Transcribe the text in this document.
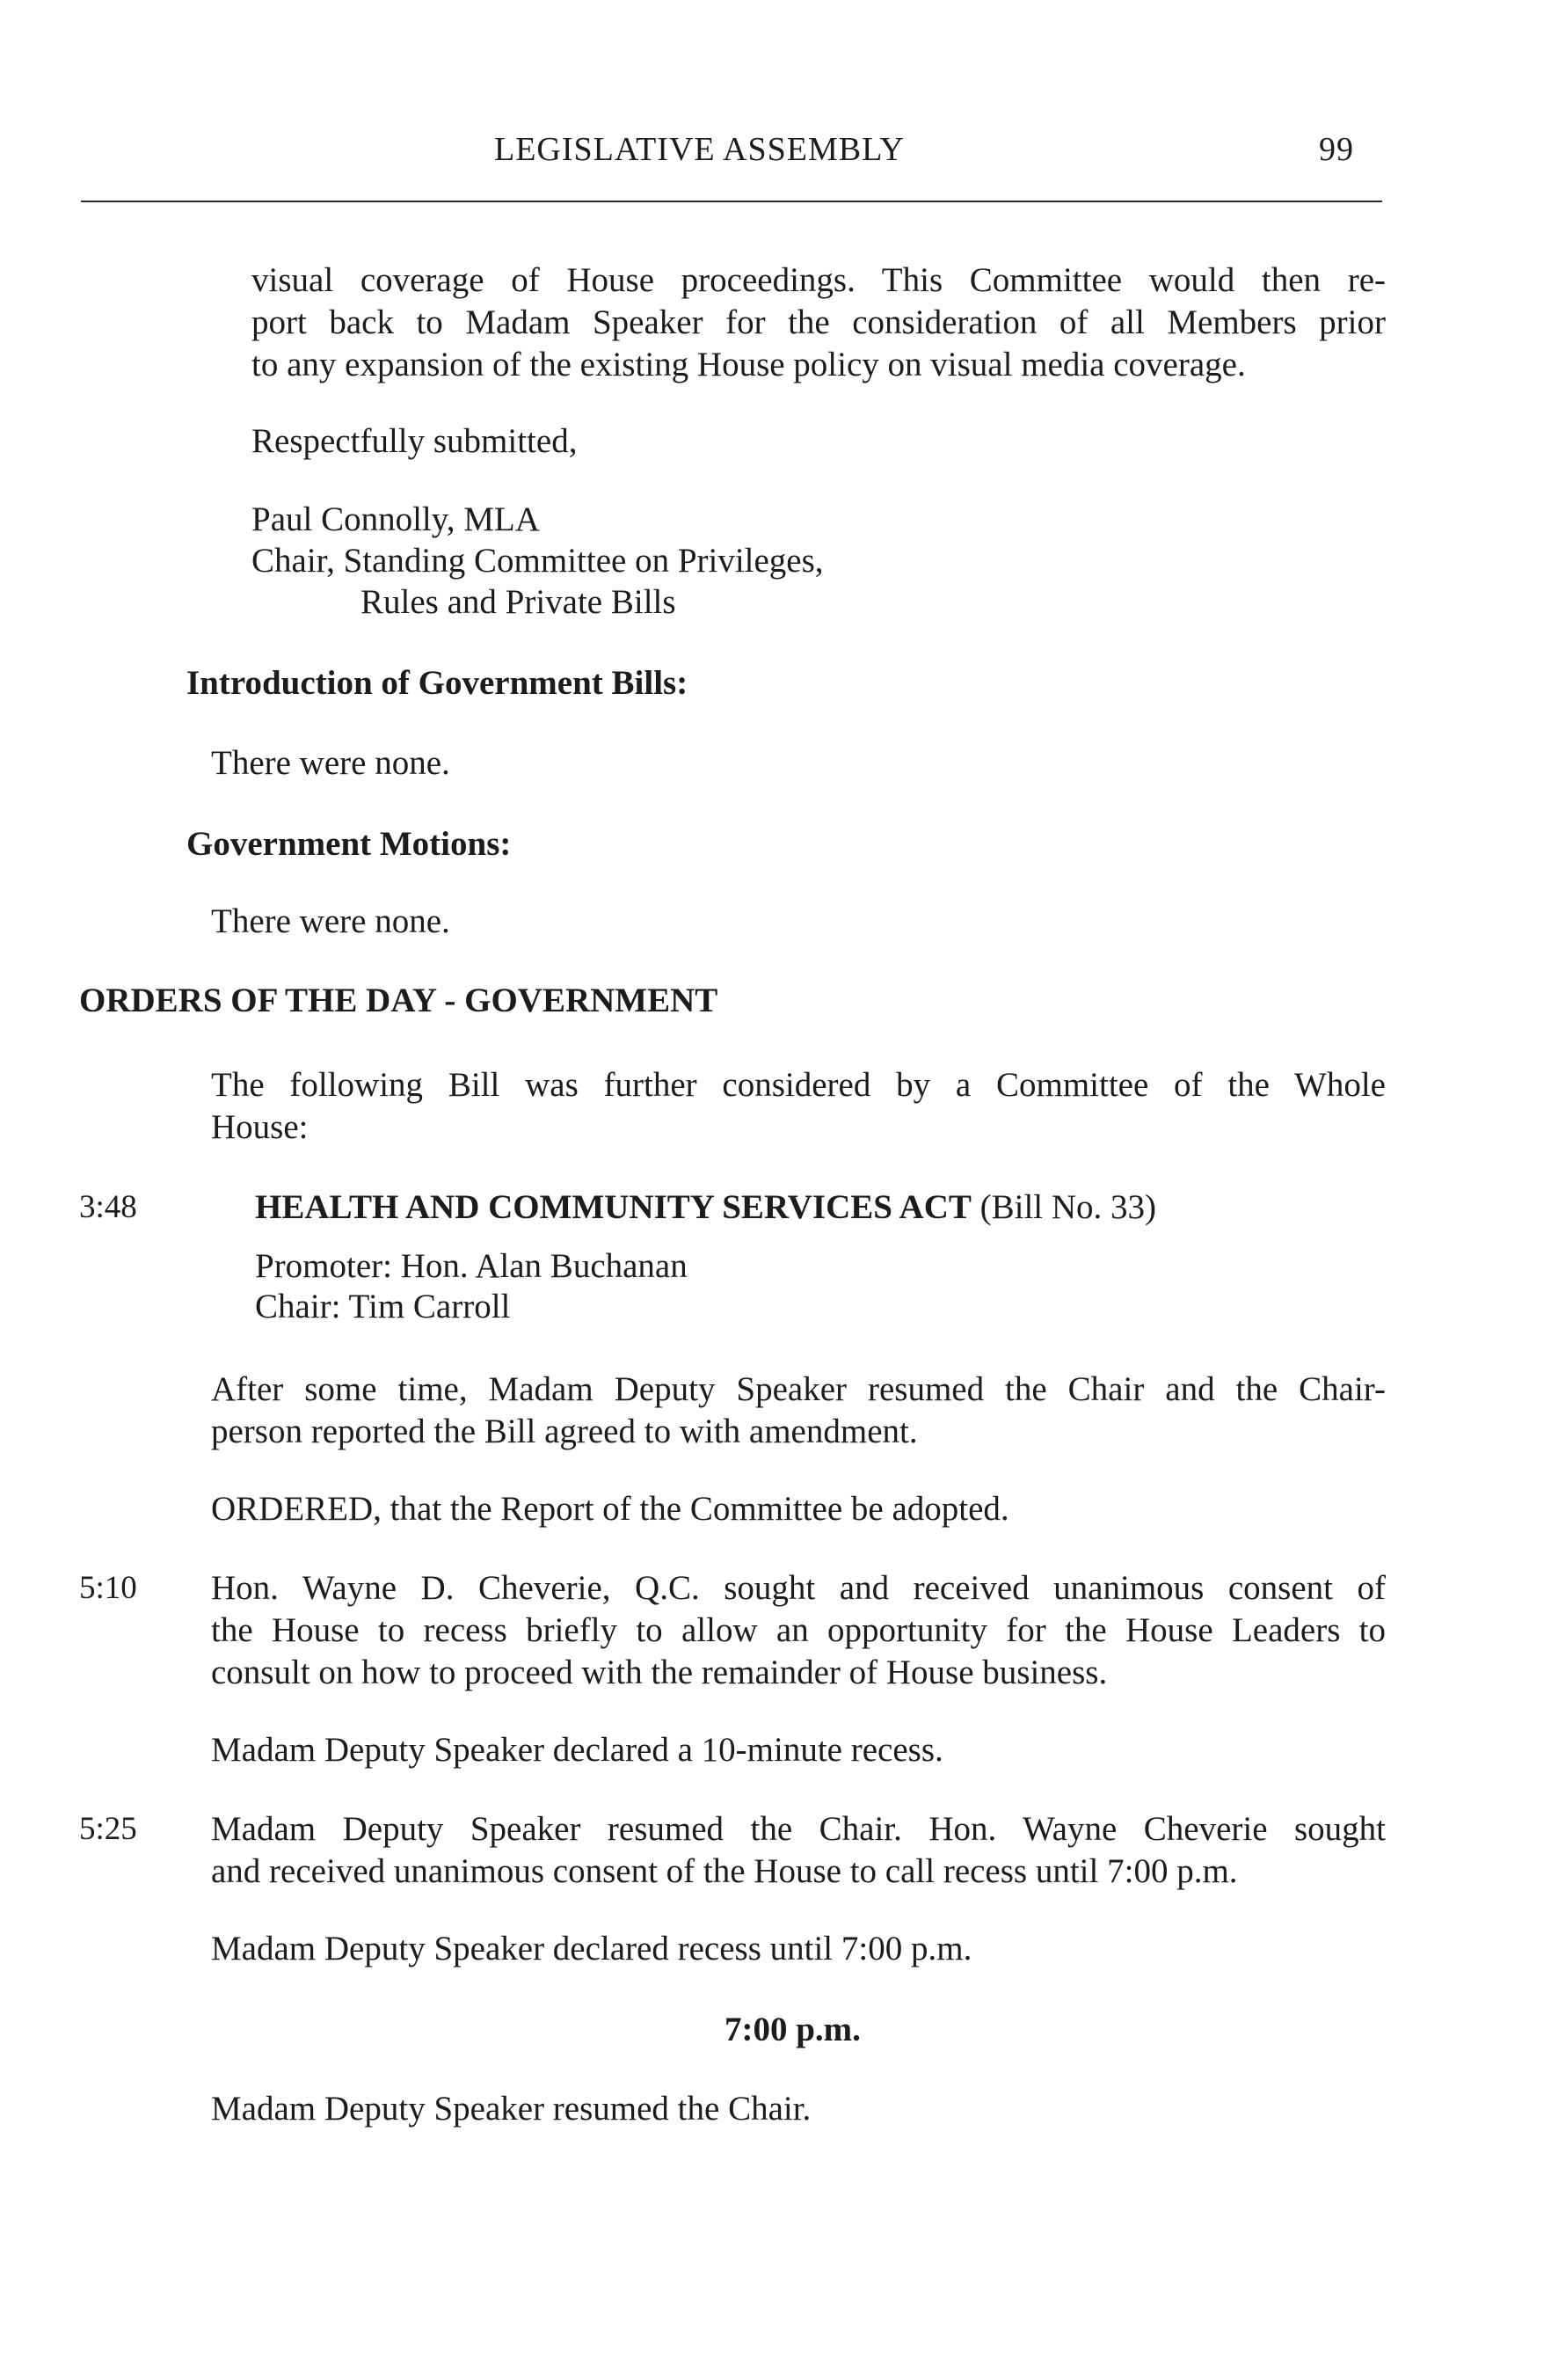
LEGISLATIVE ASSEMBLY	99
visual coverage of House proceedings. This Committee would then re-
port back to Madam Speaker for the consideration of all Members prior
to any expansion of the existing House policy on visual media coverage.
Respectfully submitted,
Paul Connolly, MLA
Chair, Standing Committee on Privileges,
Rules and Private Bills
Introduction of Government Bills:
There were none.
Government Motions:
There were none.
ORDERS OF THE DAY - GOVERNMENT
The following Bill was further considered by a Committee of the Whole
House:
3:48	HEALTH AND COMMUNITY SERVICES ACT (Bill No. 33)
Promoter: Hon. Alan Buchanan
Chair: Tim Carroll
After some time, Madam Deputy Speaker resumed the Chair and the Chair-
person reported the Bill agreed to with amendment.
ORDERED, that the Report of the Committee be adopted.
5:10 Hon. Wayne D. Cheverie, Q.C. sought and received unanimous consent of
the House to recess briefly to allow an opportunity for the House Leaders to
consult on how to proceed with the remainder of House business.
Madam Deputy Speaker declared a 10-minute recess.
5:25 Madam Deputy Speaker resumed the Chair. Hon. Wayne Cheverie sought
and received unanimous consent of the House to call recess until 7:00 p.m.
Madam Deputy Speaker declared recess until 7:00 p.m.
7:00 p.m.
Madam Deputy Speaker resumed the Chair.
